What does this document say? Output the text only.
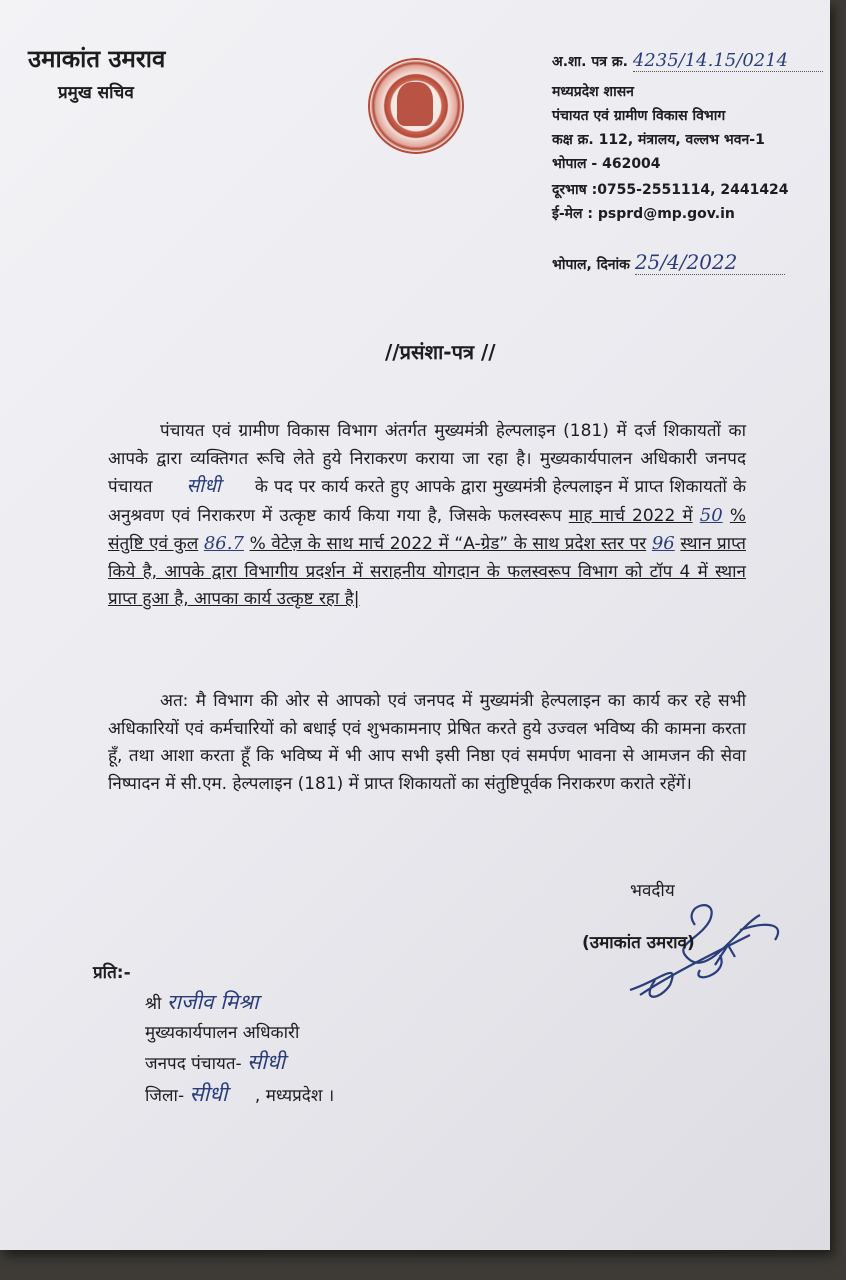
उमाकांत उमराव
प्रमुख सचिव
अ.शा. पत्र क्र. 4235/14.15/0214
मध्यप्रदेश शासन
पंचायत एवं ग्रामीण विकास विभाग
कक्ष क्र. 112, मंत्रालय, वल्लभ भवन-1
भोपाल - 462004
दूरभाष :0755-2551114, 2441424
ई-मेल : psprd@mp.gov.in
भोपाल, दिनांक 25/4/2022
//प्रसंशा-पत्र //
पंचायत एवं ग्रामीण विकास विभाग अंतर्गत मुख्यमंत्री हेल्पलाइन (181) में दर्ज शिकायतों का आपके द्वारा व्यक्तिगत रूचि लेते हुये निराकरण कराया जा रहा है। मुख्यकार्यपालन अधिकारी जनपद पंचायत सीधी के पद पर कार्य करते हुए आपके द्वारा मुख्यमंत्री हेल्पलाइन में प्राप्त शिकायतों के अनुश्रवण एवं निराकरण में उत्कृष्ट कार्य किया गया है, जिसके फलस्वरूप माह मार्च 2022 में 50 % संतुष्टि एवं कुल 86.7 % वेटेज़ के साथ मार्च 2022 में “A-ग्रेड” के साथ प्रदेश स्तर पर 96 स्थान प्राप्त किये है, आपके द्वारा विभागीय प्रदर्शन में सराहनीय योगदान के फलस्वरूप विभाग को टॉप 4 में स्थान प्राप्त हुआ है, आपका कार्य उत्कृष्ट रहा है|
अत: मै विभाग की ओर से आपको एवं जनपद में मुख्यमंत्री हेल्पलाइन का कार्य कर रहे सभी अधिकारियों एवं कर्मचारियों को बधाई एवं शुभकामनाए प्रेषित करते हुये उज्वल भविष्य की कामना करता हूँ, तथा आशा करता हूँ कि भविष्य में भी आप सभी इसी निष्ठा एवं समर्पण भावना से आमजन की सेवा निष्पादन में सी.एम. हेल्पलाइन (181) में प्राप्त शिकायतों का संतुष्टिपूर्वक निराकरण कराते रहेंगें।
भवदीय
(उमाकांत उमराव)
प्रति:-
श्री राजीव मिश्रा
मुख्यकार्यपालन अधिकारी
जनपद पंचायत- सीधी
जिला- सीधी , मध्यप्रदेश ।
